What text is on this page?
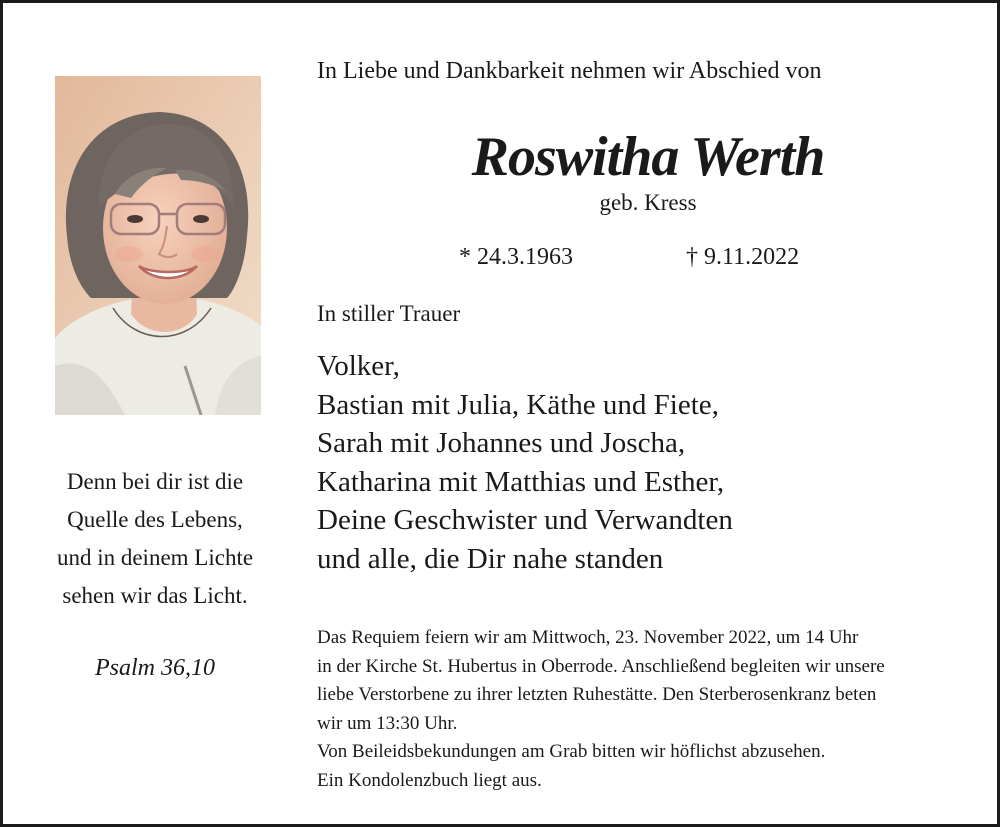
Denn bei dir ist die
Quelle des Lebens,
und in deinem Lichte
sehen wir das Licht.
Psalm 36,10
In Liebe und Dankbarkeit nehmen wir Abschied von
Roswitha Werth
geb. Kress
* 24.3.1963	† 9.11.2022
In stiller Trauer
Volker,
Bastian mit Julia, Käthe und Fiete,
Sarah mit Johannes und Joscha,
Katharina mit Matthias und Esther,
Deine Geschwister und Verwandten
und alle, die Dir nahe standen
Das Requiem feiern wir am Mittwoch, 23. November 2022, um 14 Uhr
in der Kirche St. Hubertus in Oberrode. Anschließend begleiten wir unsere
liebe Verstorbene zu ihrer letzten Ruhestätte. Den Sterberosenkranz beten
wir um 13:30 Uhr.
Von Beileidsbekundungen am Grab bitten wir höflichst abzusehen.
Ein Kondolenzbuch liegt aus.
